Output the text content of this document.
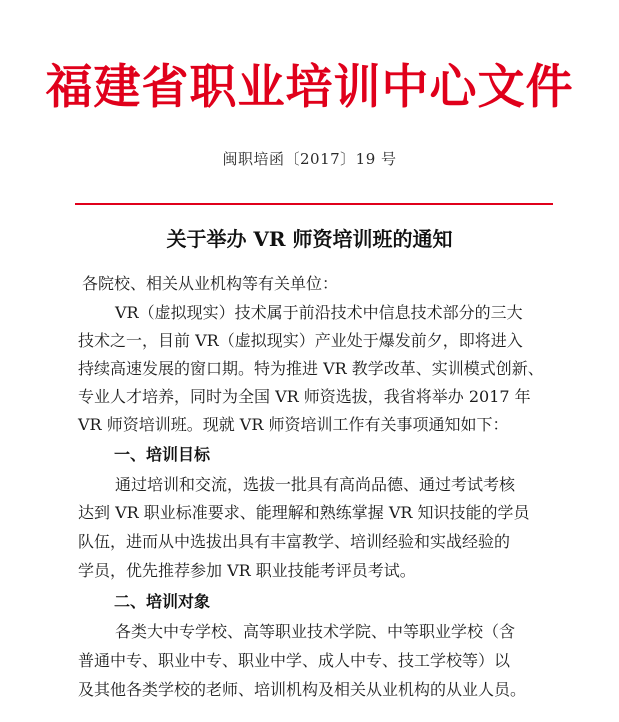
福建省职业培训中心文件
闽职培函〔2017〕19 号
关于举办 VR 师资培训班的通知
各院校、相关从业机构等有关单位：
VR（虚拟现实）技术属于前沿技术中信息技术部分的三大
技术之一，目前 VR（虚拟现实）产业处于爆发前夕，即将进入
持续高速发展的窗口期。特为推进 VR 教学改革、实训模式创新、
专业人才培养，同时为全国 VR 师资选拔，我省将举办 2017 年
VR 师资培训班。现就 VR 师资培训工作有关事项通知如下：
一、培训目标
通过培训和交流，选拔一批具有高尚品德、通过考试考核
达到 VR 职业标准要求、能理解和熟练掌握 VR 知识技能的学员
队伍，进而从中选拔出具有丰富教学、培训经验和实战经验的
学员，优先推荐参加 VR 职业技能考评员考试。
二、培训对象
各类大中专学校、高等职业技术学院、中等职业学校（含
普通中专、职业中专、职业中学、成人中专、技工学校等）以
及其他各类学校的老师、培训机构及相关从业机构的从业人员。
